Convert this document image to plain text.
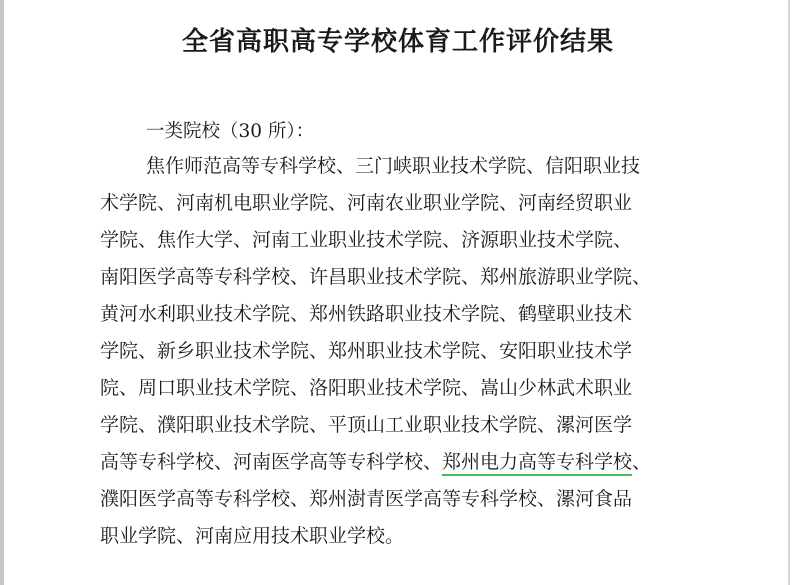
全省高职高专学校体育工作评价结果

一类院校（30 所）：

焦作师范高等专科学校、三门峡职业技术学院、信阳职业技
术学院、河南机电职业学院、河南农业职业学院、河南经贸职业
学院、焦作大学、河南工业职业技术学院、济源职业技术学院、
南阳医学高等专科学校、许昌职业技术学院、郑州旅游职业学院、
黄河水利职业技术学院、郑州铁路职业技术学院、鹤壁职业技术
学院、新乡职业技术学院、郑州职业技术学院、安阳职业技术学
院、周口职业技术学院、洛阳职业技术学院、嵩山少林武术职业
学院、濮阳职业技术学院、平顶山工业职业技术学院、漯河医学
高等专科学校、河南医学高等专科学校、郑州电力高等专科学校、
濮阳医学高等专科学校、郑州澍青医学高等专科学校、漯河食品
职业学院、河南应用技术职业学校。
